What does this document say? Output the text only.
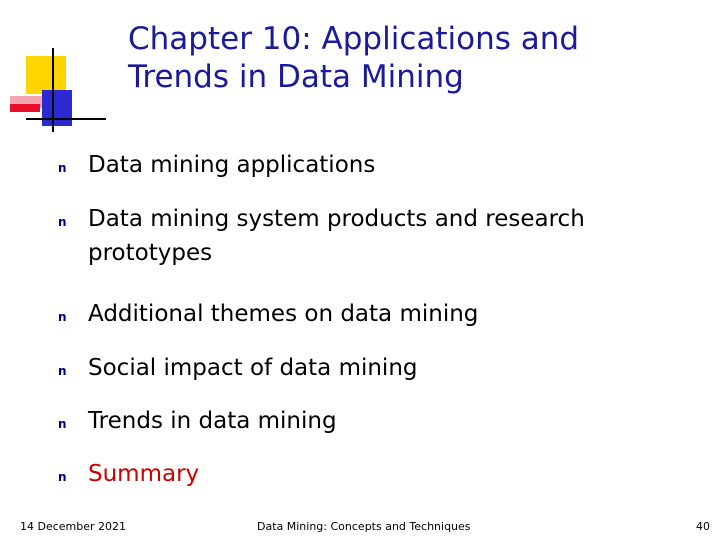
Chapter 10: Applications and
Trends in Data Mining
n Data mining applications
n Data mining system products and research
prototypes
n Additional themes on data mining
n Social impact of data mining
n Trends in data mining
n Summary
14 December 2021	Data Mining: Concepts and Techniques	40
